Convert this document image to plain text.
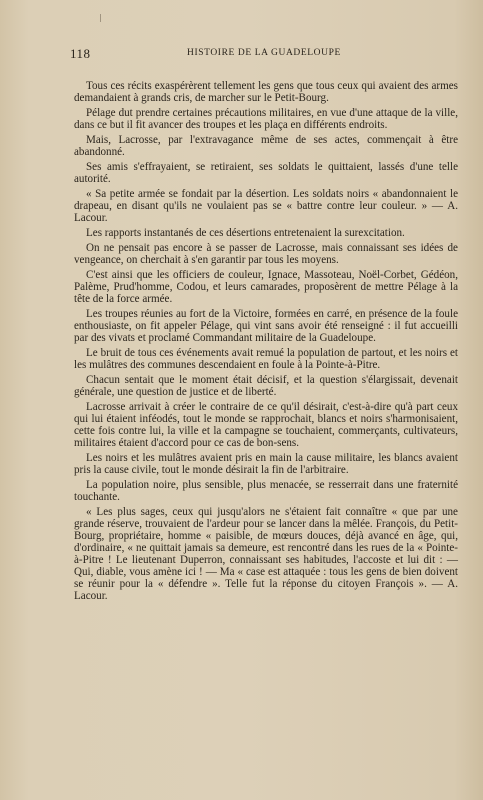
118	HISTOIRE DE LA GUADELOUPE

Tous ces récits exaspérèrent tellement les gens que tous ceux qui avaient des armes demandaient à grands cris, de marcher sur le Petit-Bourg.

Pélage dut prendre certaines précautions militaires, en vue d'une attaque de la ville, dans ce but il fit avancer des troupes et les plaça en différents endroits.

Mais, Lacrosse, par l'extravagance même de ses actes, commençait à être abandonné.

Ses amis s'effrayaient, se retiraient, ses soldats le quittaient, lassés d'une telle autorité.

« Sa petite armée se fondait par la désertion. Les soldats noirs « abandonnaient le drapeau, en disant qu'ils ne voulaient pas se « battre contre leur couleur. » — A. Lacour.

Les rapports instantanés de ces désertions entretenaient la surexcitation.

On ne pensait pas encore à se passer de Lacrosse, mais connaissant ses idées de vengeance, on cherchait à s'en garantir par tous les moyens.

C'est ainsi que les officiers de couleur, Ignace, Massoteau, Noël-Corbet, Gédéon, Palème, Prud'homme, Codou, et leurs camarades, proposèrent de mettre Pélage à la tête de la force armée.

Les troupes réunies au fort de la Victoire, formées en carré, en présence de la foule enthousiaste, on fit appeler Pélage, qui vint sans avoir été renseigné : il fut accueilli par des vivats et proclamé Commandant militaire de la Guadeloupe.

Le bruit de tous ces événements avait remué la population de partout, et les noirs et les mulâtres des communes descendaient en foule à la Pointe-à-Pitre.

Chacun sentait que le moment était décisif, et la question s'élargissait, devenait générale, une question de justice et de liberté.

Lacrosse arrivait à créer le contraire de ce qu'il désirait, c'est-à-dire qu'à part ceux qui lui étaient inféodés, tout le monde se rapprochait, blancs et noirs s'harmonisaient, cette fois contre lui, la ville et la campagne se touchaient, commerçants, cultivateurs, militaires étaient d'accord pour ce cas de bon-sens.

Les noirs et les mulâtres avaient pris en main la cause militaire, les blancs avaient pris la cause civile, tout le monde désirait la fin de l'arbitraire.

La population noire, plus sensible, plus menacée, se resserrait dans une fraternité touchante.

« Les plus sages, ceux qui jusqu'alors ne s'étaient fait connaître « que par une grande réserve, trouvaient de l'ardeur pour se lancer dans la mêlée. François, du Petit-Bourg, propriétaire, homme « paisible, de mœurs douces, déjà avancé en âge, qui, d'ordinaire, « ne quittait jamais sa demeure, est rencontré dans les rues de la « Pointe-à-Pitre ! Le lieutenant Duperron, connaissant ses habitudes, l'accoste et lui dit : — Qui, diable, vous amène ici ! — Ma « case est attaquée : tous les gens de bien doivent se réunir pour la « défendre ». Telle fut la réponse du citoyen François ». — A. Lacour.
